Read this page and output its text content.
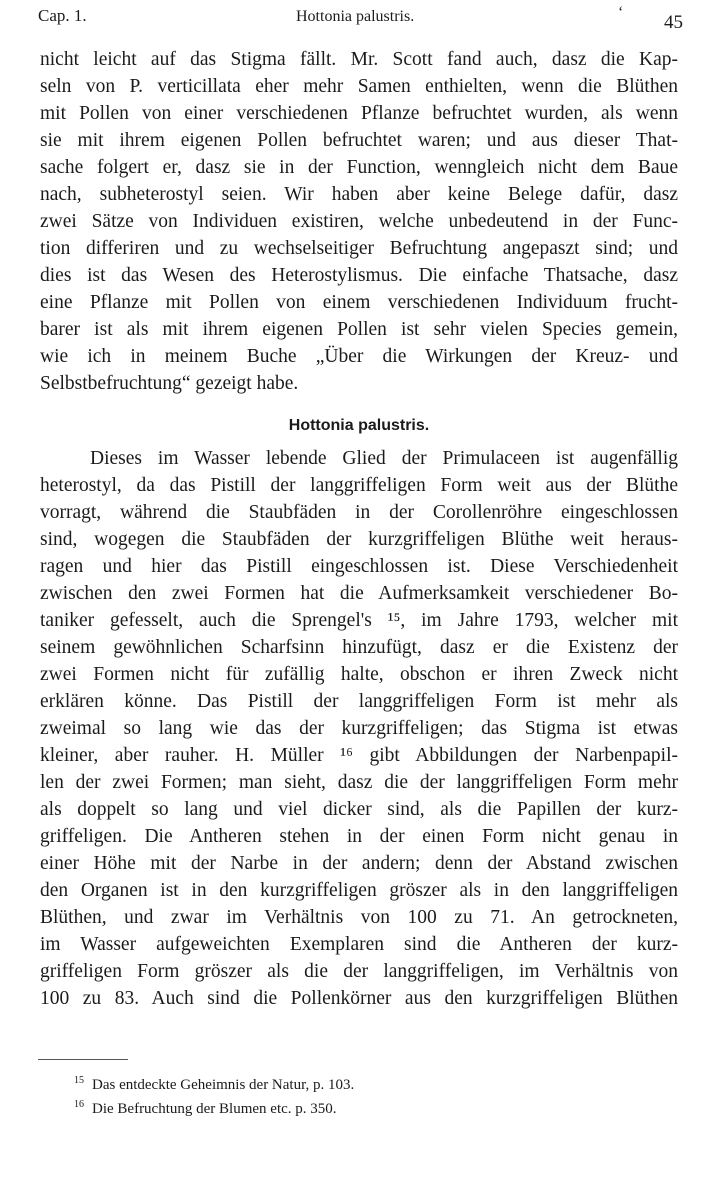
Cap. 1.	Hottonia palustris.	ʻ 45
nicht leicht auf das Stigma fällt. Mr. Scott fand auch, dasz die Kap-
seln von P. verticillata eher mehr Samen enthielten, wenn die Blüthen
mit Pollen von einer verschiedenen Pflanze befruchtet wurden, als wenn
sie mit ihrem eigenen Pollen befruchtet waren; und aus dieser That-
sache folgert er, dasz sie in der Function, wenngleich nicht dem Baue
nach, subheterostyl seien. Wir haben aber keine Belege dafür, dasz
zwei Sätze von Individuen existiren, welche unbedeutend in der Func-
tion differiren und zu wechselseitiger Befruchtung angepaszt sind; und
dies ist das Wesen des Heterostylismus. Die einfache Thatsache, dasz
eine Pflanze mit Pollen von einem verschiedenen Individuum frucht-
barer ist als mit ihrem eigenen Pollen ist sehr vielen Species gemein,
wie ich in meinem Buche „Über die Wirkungen der Kreuz- und
Selbstbefruchtung“ gezeigt habe.
Hottonia palustris.
Dieses im Wasser lebende Glied der Primulaceen ist augenfällig
heterostyl, da das Pistill der langgriffeligen Form weit aus der Blüthe
vorragt, während die Staubfäden in der Corollenröhre eingeschlossen
sind, wogegen die Staubfäden der kurzgriffeligen Blüthe weit heraus-
ragen und hier das Pistill eingeschlossen ist. Diese Verschiedenheit
zwischen den zwei Formen hat die Aufmerksamkeit verschiedener Bo-
taniker gefesselt, auch die Sprengel's ¹⁵, im Jahre 1793, welcher mit
seinem gewöhnlichen Scharfsinn hinzufügt, dasz er die Existenz der
zwei Formen nicht für zufällig halte, obschon er ihren Zweck nicht
erklären könne. Das Pistill der langgriffeligen Form ist mehr als
zweimal so lang wie das der kurzgriffeligen; das Stigma ist etwas
kleiner, aber rauher. H. Müller ¹⁶ gibt Abbildungen der Narbenpapil-
len der zwei Formen; man sieht, dasz die der langgriffeligen Form mehr
als doppelt so lang und viel dicker sind, als die Papillen der kurz-
griffeligen. Die Antheren stehen in der einen Form nicht genau in
einer Höhe mit der Narbe in der andern; denn der Abstand zwischen
den Organen ist in den kurzgriffeligen gröszer als in den langgriffeligen
Blüthen, und zwar im Verhältnis von 100 zu 71. An getrockneten,
im Wasser aufgeweichten Exemplaren sind die Antheren der kurz-
griffeligen Form gröszer als die der langgriffeligen, im Verhältnis von
100 zu 83. Auch sind die Pollenkörner aus den kurzgriffeligen Blüthen
$^{15}$ Das entdeckte Geheimnis der Natur, p. 103.
$^{16}$ Die Befruchtung der Blumen etc. p. 350.
